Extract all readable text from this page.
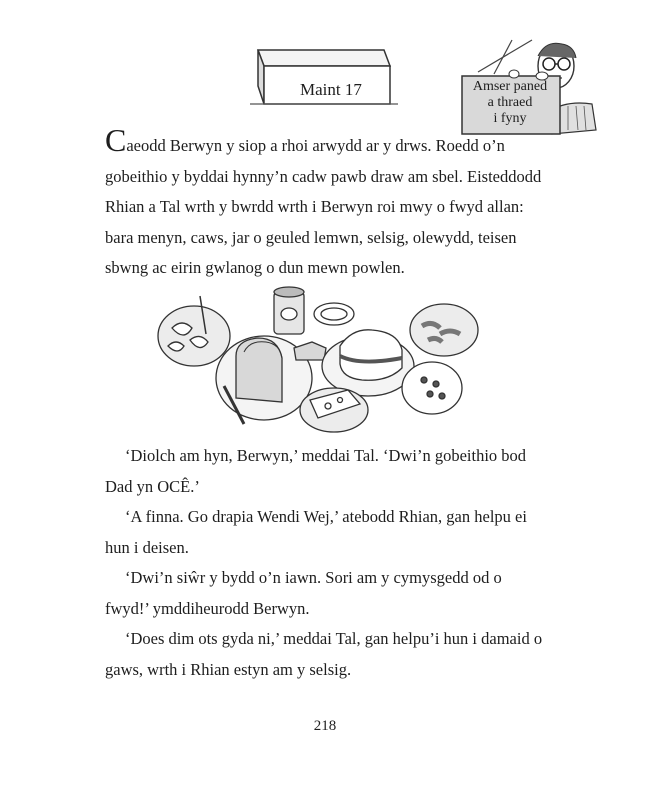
Maint 17	Amser paned
a thraed
i fyny

Caeodd Berwyn y siop a rhoi arwydd ar y drws. Roedd o’n gobeithio y byddai hynny’n cadw pawb draw am sbel. Eisteddodd Rhian a Tal wrth y bwrdd wrth i Berwyn roi mwy o fwyd allan: bara menyn, caws, jar o geuled lemwn, selsig, olewydd, teisen sbwng ac eirin gwlanog o dun mewn powlen.

‘Diolch am hyn, Berwyn,’ meddai Tal. ‘Dwi’n gobeithio bod Dad yn OCÊ.’

‘A finna. Go drapia Wendi Wej,’ atebodd Rhian, gan helpu ei hun i deisen.

‘Dwi’n siŵr y bydd o’n iawn. Sori am y cymysgedd od o fwyd!’ ymddiheurodd Berwyn.

‘Does dim ots gyda ni,’ meddai Tal, gan helpu’i hun i damaid o gaws, wrth i Rhian estyn am y selsig.

218
